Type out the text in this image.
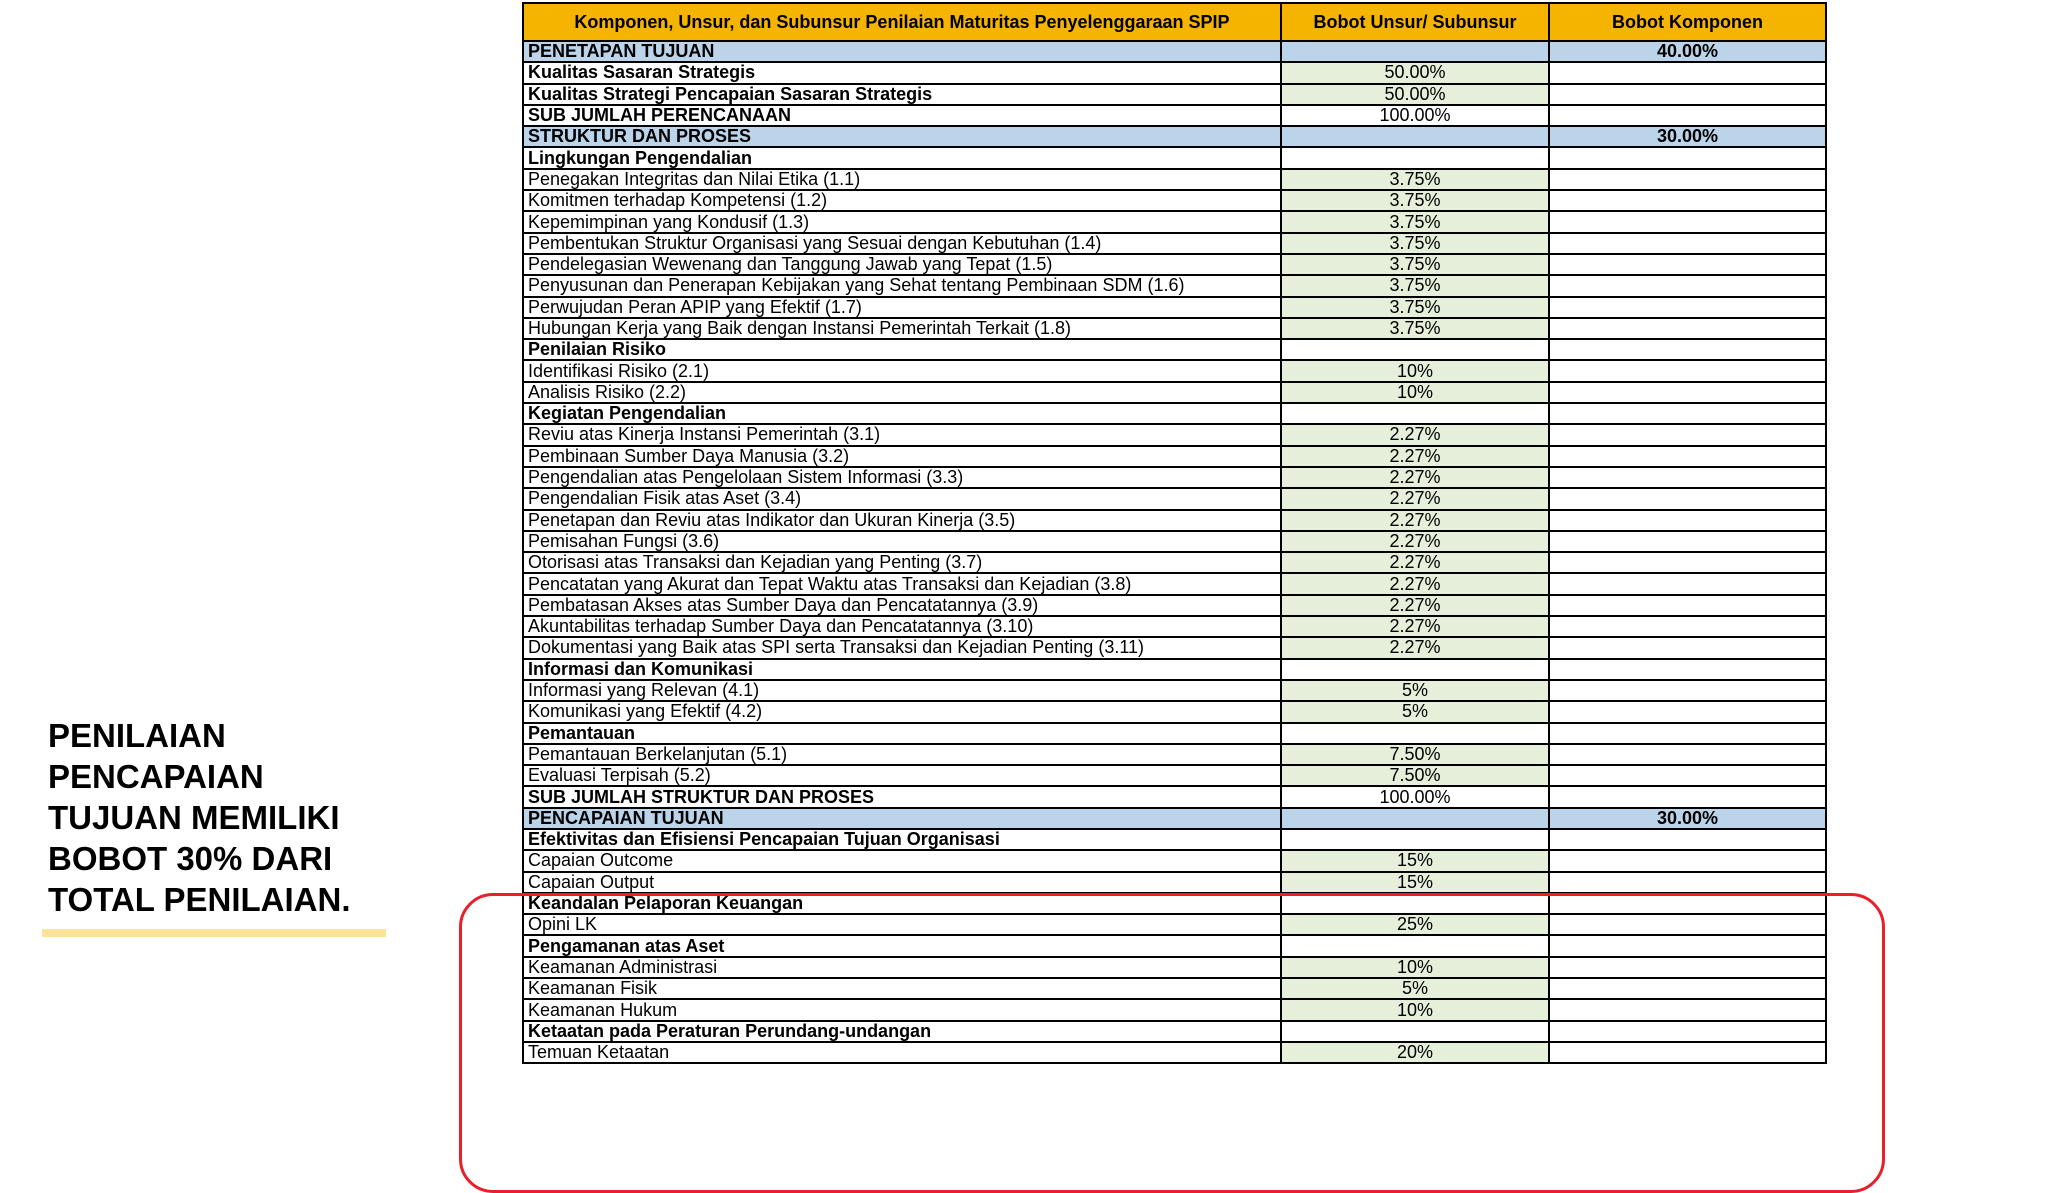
PENILAIAN
PENCAPAIAN
TUJUAN MEMILIKI
BOBOT 30% DARI
TOTAL PENILAIAN.
Komponen, Unsur, dan Subunsur Penilaian Maturitas Penyelenggaraan SPIP	Bobot Unsur/ Subunsur	Bobot Komponen
PENETAPAN TUJUAN		40.00%
Kualitas Sasaran Strategis	50.00%	
Kualitas Strategi Pencapaian Sasaran Strategis	50.00%	
SUB JUMLAH PERENCANAAN	100.00%	
STRUKTUR DAN PROSES		30.00%
Lingkungan Pengendalian		
Penegakan Integritas dan Nilai Etika (1.1)	3.75%	
Komitmen terhadap Kompetensi (1.2)	3.75%	
Kepemimpinan yang Kondusif (1.3)	3.75%	
Pembentukan Struktur Organisasi yang Sesuai dengan Kebutuhan (1.4)	3.75%	
Pendelegasian Wewenang dan Tanggung Jawab yang Tepat (1.5)	3.75%	
Penyusunan dan Penerapan Kebijakan yang Sehat tentang Pembinaan SDM (1.6)	3.75%	
Perwujudan Peran APIP yang Efektif (1.7)	3.75%	
Hubungan Kerja yang Baik dengan Instansi Pemerintah Terkait (1.8)	3.75%	
Penilaian Risiko		
Identifikasi Risiko (2.1)	10%	
Analisis Risiko (2.2)	10%	
Kegiatan Pengendalian		
Reviu atas Kinerja Instansi Pemerintah (3.1)	2.27%	
Pembinaan Sumber Daya Manusia (3.2)	2.27%	
Pengendalian atas Pengelolaan Sistem Informasi (3.3)	2.27%	
Pengendalian Fisik atas Aset (3.4)	2.27%	
Penetapan dan Reviu atas Indikator dan Ukuran Kinerja (3.5)	2.27%	
Pemisahan Fungsi (3.6)	2.27%	
Otorisasi atas Transaksi dan Kejadian yang Penting (3.7)	2.27%	
Pencatatan yang Akurat dan Tepat Waktu atas Transaksi dan Kejadian (3.8)	2.27%	
Pembatasan Akses atas Sumber Daya dan Pencatatannya (3.9)	2.27%	
Akuntabilitas terhadap Sumber Daya dan Pencatatannya (3.10)	2.27%	
Dokumentasi yang Baik atas SPI serta Transaksi dan Kejadian Penting (3.11)	2.27%	
Informasi dan Komunikasi		
Informasi yang Relevan (4.1)	5%	
Komunikasi yang Efektif (4.2)	5%	
Pemantauan		
Pemantauan Berkelanjutan (5.1)	7.50%	
Evaluasi Terpisah (5.2)	7.50%	
SUB JUMLAH STRUKTUR DAN PROSES	100.00%	
PENCAPAIAN TUJUAN		30.00%
Efektivitas dan Efisiensi Pencapaian Tujuan Organisasi		
Capaian Outcome	15%	
Capaian Output	15%	
Keandalan Pelaporan Keuangan		
Opini LK	25%	
Pengamanan atas Aset		
Keamanan Administrasi	10%	
Keamanan Fisik	5%	
Keamanan Hukum	10%	
Ketaatan pada Peraturan Perundang-undangan		
Temuan Ketaatan	20%	
